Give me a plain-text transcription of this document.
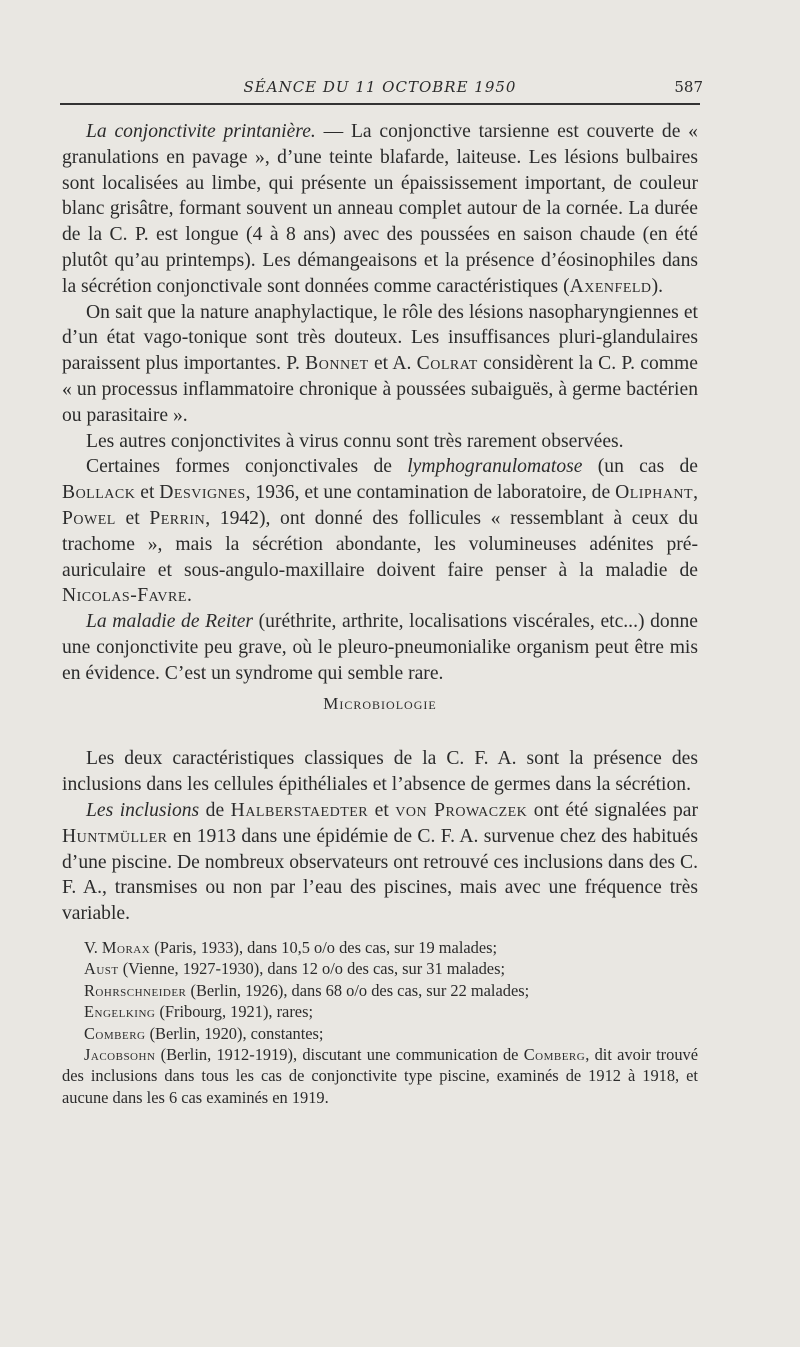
SÉANCE DU 11 OCTOBRE 1950	587

La conjonctivite printanière. — La conjonctive tarsienne est couverte de « granulations en pavage », d’une teinte blafarde, laiteuse. Les lésions bulbaires sont localisées au limbe, qui présente un épaississement important, de couleur blanc grisâtre, formant souvent un anneau complet autour de la cornée. La durée de la C. P. est longue (4 à 8 ans) avec des poussées en saison chaude (en été plutôt qu’au printemps). Les démangeaisons et la présence d’éosinophiles dans la sécrétion conjonctivale sont données comme caractéristiques (Axenfeld).

On sait que la nature anaphylactique, le rôle des lésions nasopharyngiennes et d’un état vago-tonique sont très douteux. Les insuffisances pluri-glandulaires paraissent plus importantes. P. Bonnet et A. Colrat considèrent la C. P. comme « un processus inflammatoire chronique à poussées subaiguës, à germe bactérien ou parasitaire ».

Les autres conjonctivites à virus connu sont très rarement observées.

Certaines formes conjonctivales de lymphogranulomatose (un cas de Bollack et Desvignes, 1936, et une contamination de laboratoire, de Oliphant, Powel et Perrin, 1942), ont donné des follicules « ressemblant à ceux du trachome », mais la sécrétion abondante, les volumineuses adénites pré-auriculaire et sous-angulo-maxillaire doivent faire penser à la maladie de Nicolas-Favre.

La maladie de Reiter (uréthrite, arthrite, localisations viscérales, etc...) donne une conjonctivite peu grave, où le pleuro-pneumonialike organism peut être mis en évidence. C’est un syndrome qui semble rare.

Microbiologie

Les deux caractéristiques classiques de la C. F. A. sont la présence des inclusions dans les cellules épithéliales et l’absence de germes dans la sécrétion.

Les inclusions de Halberstaedter et von Prowaczek ont été signalées par Huntmüller en 1913 dans une épidémie de C. F. A. survenue chez des habitués d’une piscine. De nombreux observateurs ont retrouvé ces inclusions dans des C. F. A., transmises ou non par l’eau des piscines, mais avec une fréquence très variable.

V. Morax (Paris, 1933), dans 10,5 o/o des cas, sur 19 malades;

Aust (Vienne, 1927-1930), dans 12 o/o des cas, sur 31 malades;

Rohrschneider (Berlin, 1926), dans 68 o/o des cas, sur 22 malades;

Engelking (Fribourg, 1921), rares;

Comberg (Berlin, 1920), constantes;

Jacobsohn (Berlin, 1912-1919), discutant une communication de Comberg, dit avoir trouvé des inclusions dans tous les cas de conjonctivite type piscine, examinés de 1912 à 1918, et aucune dans les 6 cas examinés en 1919.
